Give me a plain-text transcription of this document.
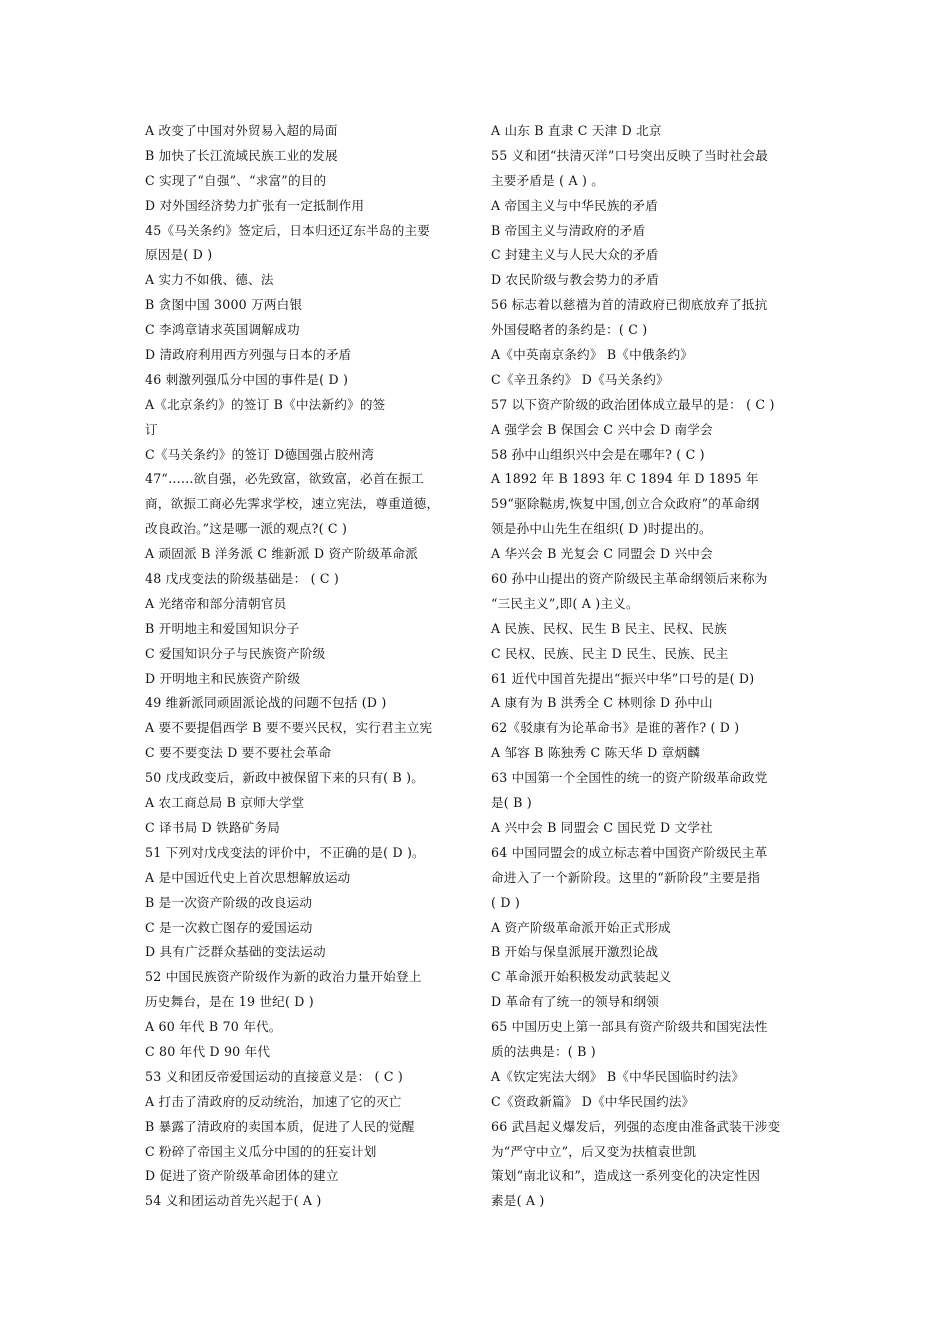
A 改变了中国对外贸易入超的局面
B 加快了长江流域民族工业的发展
C 实现了“自强”、“求富”的目的
D 对外国经济势力扩张有一定抵制作用
45《马关条约》签定后，日本归还辽东半岛的主要
原因是( D )
A 实力不如俄、德、法
B 贪图中国 3000 万两白银
C 李鸿章请求英国调解成功
D 清政府利用西方列强与日本的矛盾
46 刺激列强瓜分中国的事件是( D )
A《北京条约》的签订 B《中法新约》的签
订
C《马关条约》的签订 D德国强占胶州湾
47“……欲自强，必先致富，欲致富，必首在振工
商，欲振工商必先霁求学校，速立宪法，尊重道德，
改良政治。”这是哪一派的观点?( C )
A 顽固派 B 洋务派 C 维新派 D 资产阶级革命派
48 戊戌变法的阶级基础是： ( C )
A 光绪帝和部分清朝官员
B 开明地主和爱国知识分子
C 爱国知识分子与民族资产阶级
D 开明地主和民族资产阶级
49 维新派同顽固派论战的问题不包括 (D )
A 要不要提倡西学 B 要不要兴民权，实行君主立宪
C 要不要变法 D 要不要社会革命
50 戊戌政变后，新政中被保留下来的只有( B )。
A 农工商总局 B 京师大学堂
C 译书局 D 铁路矿务局
51 下列对戊戌变法的评价中，不正确的是( D )。
A 是中国近代史上首次思想解放运动
B 是一次资产阶级的改良运动
C 是一次救亡图存的爱国运动
D 具有广泛群众基础的变法运动
52 中国民族资产阶级作为新的政治力量开始登上
历史舞台，是在 19 世纪( D )
A 60 年代 B 70 年代。
C 80 年代 D 90 年代
53 义和团反帝爱国运动的直接意义是： ( C )
A 打击了清政府的反动统治，加速了它的灭亡
B 暴露了清政府的卖国本质，促进了人民的觉醒
C 粉碎了帝国主义瓜分中国的的狂妄计划
D 促进了资产阶级革命团体的建立
54 义和团运动首先兴起于( A )
A 山东 B 直隶 C 天津 D 北京
55 义和团“扶清灭洋”口号突出反映了当时社会最
主要矛盾是 ( A ) 。
A 帝国主义与中华民族的矛盾
B 帝国主义与清政府的矛盾
C 封建主义与人民大众的矛盾
D 农民阶级与教会势力的矛盾
56 标志着以慈禧为首的清政府已彻底放弃了抵抗
外国侵略者的条约是：( C )
A《中英南京条约》 B《中俄条约》
C《辛丑条约》 D《马关条约》
57 以下资产阶级的政治团体成立最早的是： ( C )
A 强学会 B 保国会 C 兴中会 D 南学会
58 孙中山组织兴中会是在哪年? ( C )
A 1892 年 B 1893 年 C 1894 年 D 1895 年
59“驱除鞑虏,恢复中国,创立合众政府”的革命纲
领是孙中山先生在组织( D )时提出的。
A 华兴会 B 光复会 C 同盟会 D 兴中会
60 孙中山提出的资产阶级民主革命纲领后来称为
“三民主义”,即( A )主义。
A 民族、民权、民生 B 民主、民权、民族
C 民权、民族、民主 D 民生、民族、民主
61 近代中国首先提出“振兴中华”口号的是( D)
A 康有为 B 洪秀全 C 林则徐 D 孙中山
62《驳康有为论革命书》是谁的著作? ( D )
A 邹容 B 陈独秀 C 陈天华 D 章炳麟
63 中国第一个全国性的统一的资产阶级革命政党
是( B )
A 兴中会 B 同盟会 C 国民党 D 文学社
64 中国同盟会的成立标志着中国资产阶级民主革
命进入了一个新阶段。这里的“新阶段”主要是指
( D )
A 资产阶级革命派开始正式形成
B 开始与保皇派展开激烈论战
C 革命派开始积极发动武装起义
D 革命有了统一的领导和纲领
65 中国历史上第一部具有资产阶级共和国宪法性
质的法典是：( B )
A《钦定宪法大纲》 B《中华民国临时约法》
C《资政新篇》 D《中华民国约法》
66 武昌起义爆发后，列强的态度由准备武装干涉变
为“严守中立”，后又变为扶植袁世凯
策划“南北议和”，造成这一系列变化的决定性因
素是( A )
